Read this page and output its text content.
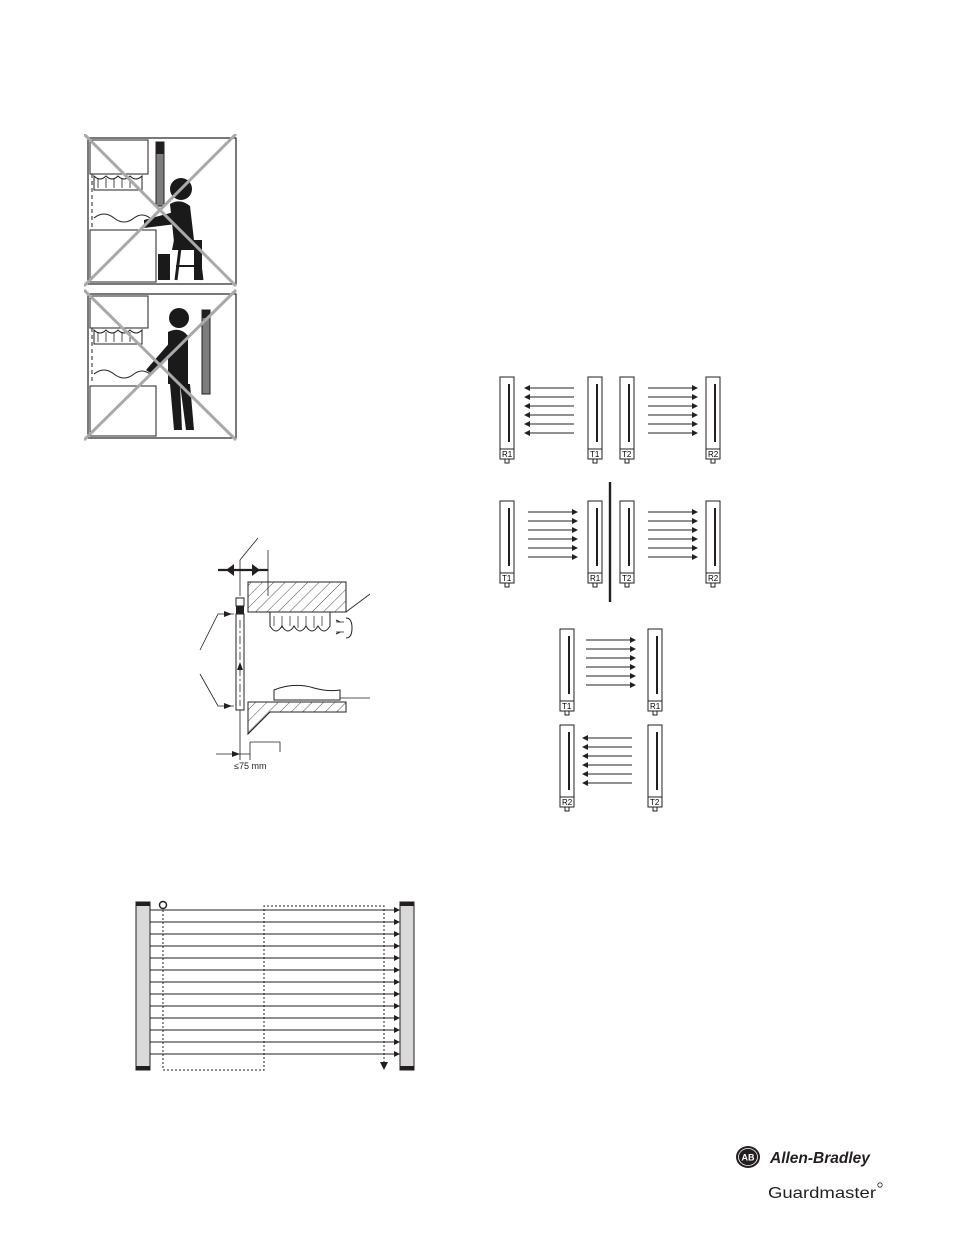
≤75 mm
R1	T1	T2	R2
T1	R1	T2	R2
T1	R1
R2	T2
AB Allen-Bradley
Guardmaster
